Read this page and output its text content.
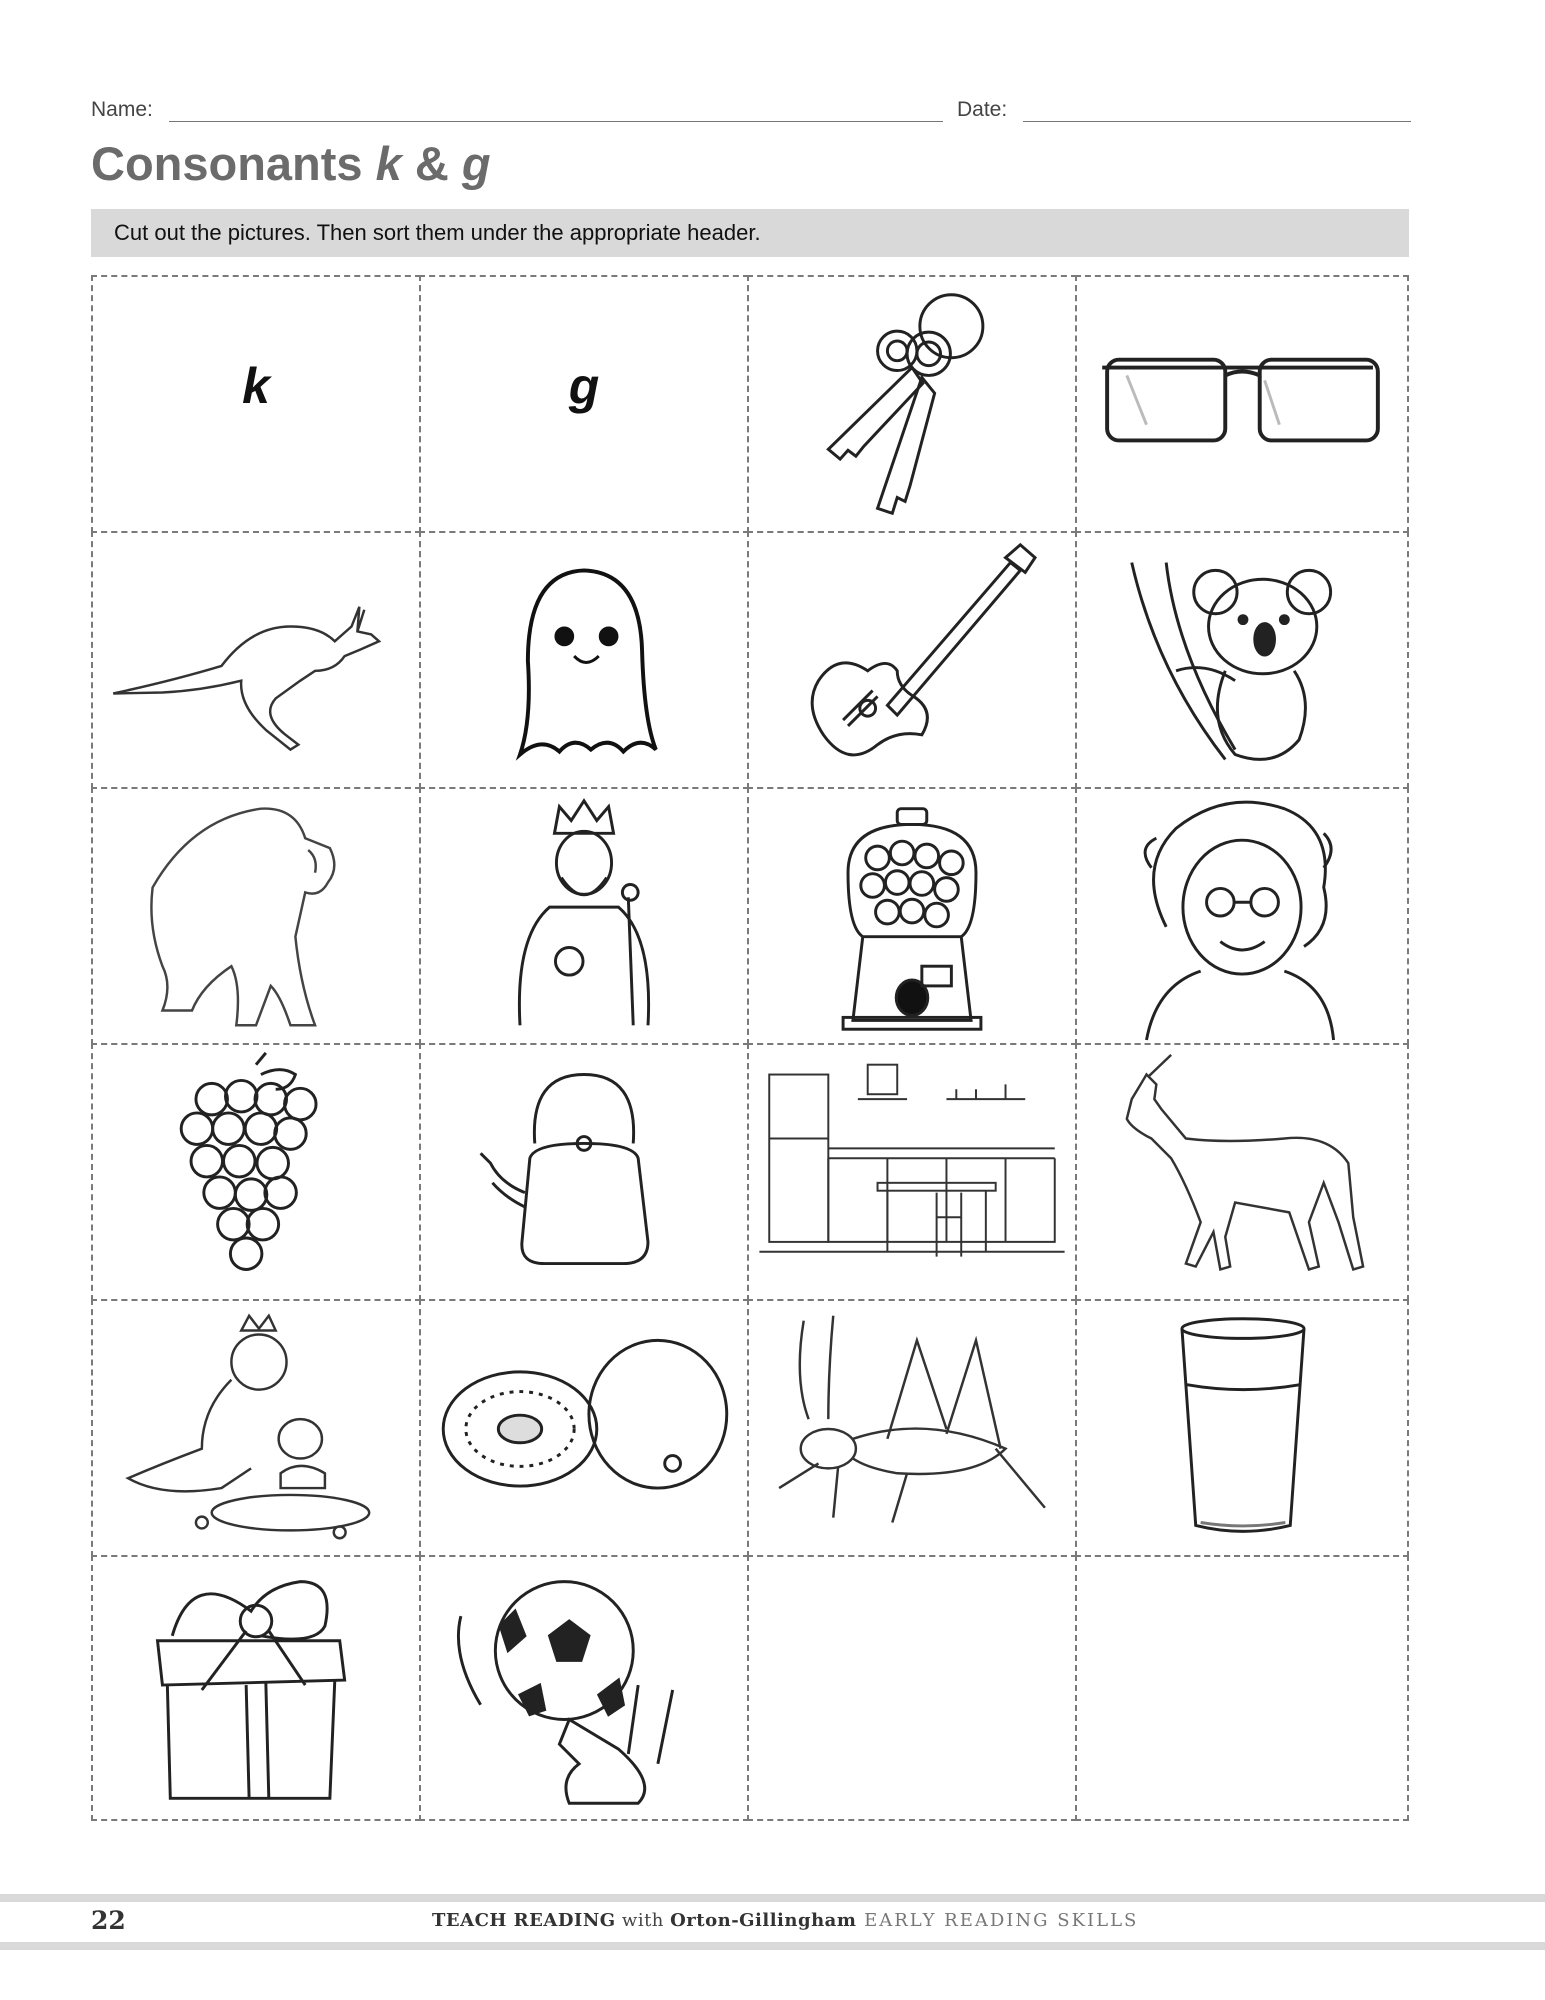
Name:	Date:
Consonants k & g
Cut out the pictures. Then sort them under the appropriate header.
k	g
22	TEACH READING with Orton-Gillingham EARLY READING SKILLS
